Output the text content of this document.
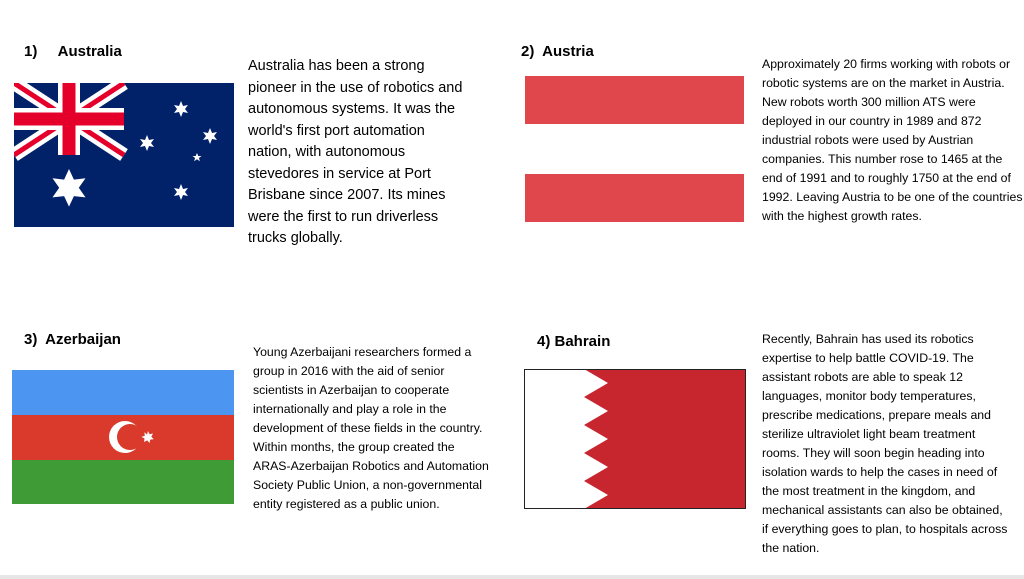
1)     Australia

Australia has been a strong pioneer in the use of robotics and autonomous systems. It was the world's first port automation nation, with autonomous stevedores in service at Port Brisbane since 2007. Its mines were the first to run driverless trucks globally.

2)  Austria

Approximately 20 firms working with robots or robotic systems are on the market in Austria. New robots worth 300 million ATS were deployed in our country in 1989 and 872 industrial robots were used by Austrian companies. This number rose to 1465 at the end of 1991 and to roughly 1750 at the end of 1992. Leaving Austria to be one of the countries with the highest growth rates.

3)  Azerbaijan

Young Azerbaijani researchers formed a group in 2016 with the aid of senior scientists in Azerbaijan to cooperate internationally and play a role in the development of these fields in the country. Within months, the group created the ARAS-Azerbaijan Robotics and Automation Society Public Union, a non-governmental entity registered as a public union.

4) Bahrain	Recently, Bahrain has used its robotics expertise to help battle COVID-19. The assistant robots are able to speak 12 languages, monitor body temperatures, prescribe medications, prepare meals and sterilize ultraviolet light beam treatment rooms. They will soon begin heading into isolation wards to help the cases in need of the most treatment in the kingdom, and mechanical assistants can also be obtained, if everything goes to plan, to hospitals across the nation.
